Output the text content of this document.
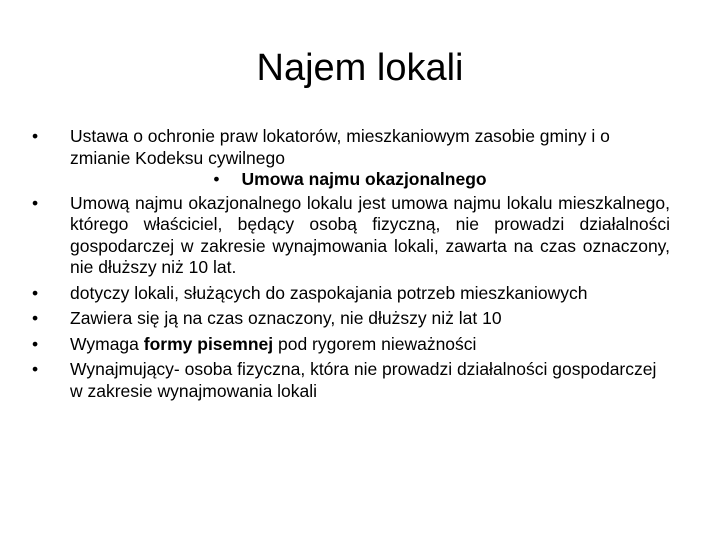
Najem lokali
•	Ustawa o ochronie praw lokatorów, mieszkaniowym zasobie gminy i o zmianie Kodeksu cywilnego
• Umowa najmu okazjonalnego
•	Umową najmu okazjonalnego lokalu jest umowa najmu lokalu mieszkalnego, którego właściciel, będący osobą fizyczną, nie prowadzi działalności gospodarczej w zakresie wynajmowania lokali, zawarta na czas oznaczony, nie dłuższy niż 10 lat.
•	dotyczy lokali, służących do zaspokajania potrzeb mieszkaniowych
•	Zawiera się ją na czas oznaczony, nie dłuższy niż lat 10
•	Wymaga formy pisemnej pod rygorem nieważności
•	Wynajmujący- osoba fizyczna, która nie prowadzi działalności gospodarczej w zakresie wynajmowania lokali
